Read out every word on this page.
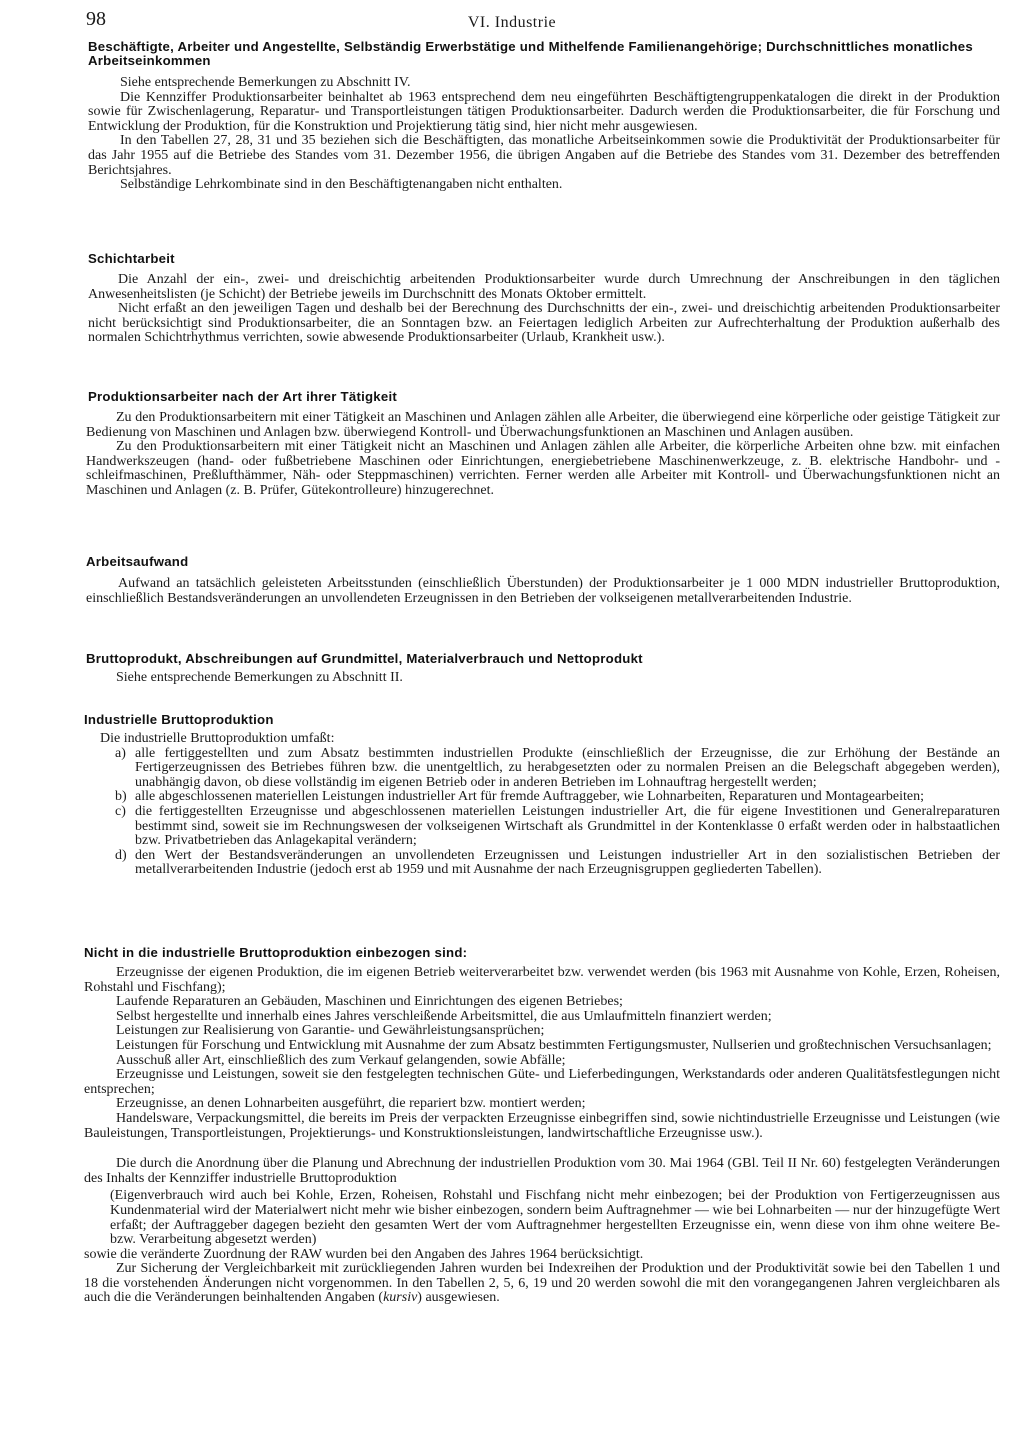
98	VI. Industrie
Beschäftigte, Arbeiter und Angestellte, Selbständig Erwerbstätige und Mithelfende Familienangehörige; Durchschnittliches monatliches Arbeitseinkommen

Siehe entsprechende Bemerkungen zu Abschnitt IV.

Die Kennziffer Produktionsarbeiter beinhaltet ab 1963 entsprechend dem neu eingeführten Beschäftigtengruppenkatalogen die direkt in der Produktion sowie für Zwischenlagerung, Reparatur- und Transportleistungen tätigen Produktionsarbeiter. Dadurch werden die Produktionsarbeiter, die für Forschung und Entwicklung der Produktion, für die Konstruktion und Projektierung tätig sind, hier nicht mehr ausgewiesen.

In den Tabellen 27, 28, 31 und 35 beziehen sich die Beschäftigten, das monatliche Arbeitseinkommen sowie die Produktivität der Produktionsarbeiter für das Jahr 1955 auf die Betriebe des Standes vom 31. Dezember 1956, die übrigen Angaben auf die Betriebe des Standes vom 31. Dezember des betreffenden Berichtsjahres.

Selbständige Lehrkombinate sind in den Beschäftigtenangaben nicht enthalten.

Schichtarbeit

Die Anzahl der ein-, zwei- und dreischichtig arbeitenden Produktionsarbeiter wurde durch Umrechnung der Anschreibungen in den täglichen Anwesenheitslisten (je Schicht) der Betriebe jeweils im Durchschnitt des Monats Oktober ermittelt.

Nicht erfaßt an den jeweiligen Tagen und deshalb bei der Berechnung des Durchschnitts der ein-, zwei- und dreischichtig arbeitenden Produktionsarbeiter nicht berücksichtigt sind Produktionsarbeiter, die an Sonntagen bzw. an Feiertagen lediglich Arbeiten zur Aufrechterhaltung der Produktion außerhalb des normalen Schichtrhythmus verrichten, sowie abwesende Produktionsarbeiter (Urlaub, Krankheit usw.).

Produktionsarbeiter nach der Art ihrer Tätigkeit

Zu den Produktionsarbeitern mit einer Tätigkeit an Maschinen und Anlagen zählen alle Arbeiter, die überwiegend eine körperliche oder geistige Tätigkeit zur Bedienung von Maschinen und Anlagen bzw. überwiegend Kontroll- und Überwachungsfunktionen an Maschinen und Anlagen ausüben.

Zu den Produktionsarbeitern mit einer Tätigkeit nicht an Maschinen und Anlagen zählen alle Arbeiter, die körperliche Arbeiten ohne bzw. mit einfachen Handwerkszeugen (hand- oder fußbetriebene Maschinen oder Einrichtungen, energiebetriebene Maschinenwerkzeuge, z. B. elektrische Handbohr- und -schleifmaschinen, Preßlufthämmer, Näh- oder Steppmaschinen) verrichten. Ferner werden alle Arbeiter mit Kontroll- und Überwachungsfunktionen nicht an Maschinen und Anlagen (z. B. Prüfer, Gütekontrolleure) hinzugerechnet.

Arbeitsaufwand

Aufwand an tatsächlich geleisteten Arbeitsstunden (einschließlich Überstunden) der Produktionsarbeiter je 1 000 MDN industrieller Bruttoproduktion, einschließlich Bestandsveränderungen an unvollendeten Erzeugnissen in den Betrieben der volkseigenen metallverarbeitenden Industrie.

Bruttoprodukt, Abschreibungen auf Grundmittel, Materialverbrauch und Nettoprodukt

Siehe entsprechende Bemerkungen zu Abschnitt II.

Industrielle Bruttoproduktion

Die industrielle Bruttoproduktion umfaßt:

a) alle fertiggestellten und zum Absatz bestimmten industriellen Produkte (einschließlich der Erzeugnisse, die zur Erhöhung der Bestände an Fertigerzeugnissen des Betriebes führen bzw. die unentgeltlich, zu herabgesetzten oder zu normalen Preisen an die Belegschaft abgegeben werden), unabhängig davon, ob diese vollständig im eigenen Betrieb oder in anderen Betrieben im Lohnauftrag hergestellt werden;
b) alle abgeschlossenen materiellen Leistungen industrieller Art für fremde Auftraggeber, wie Lohnarbeiten, Reparaturen und Montagearbeiten;
c) die fertiggestellten Erzeugnisse und abgeschlossenen materiellen Leistungen industrieller Art, die für eigene Investitionen und Generalreparaturen bestimmt sind, soweit sie im Rechnungswesen der volkseigenen Wirtschaft als Grundmittel in der Kontenklasse 0 erfaßt werden oder in halbstaatlichen bzw. Privatbetrieben das Anlagekapital verändern;
d) den Wert der Bestandsveränderungen an unvollendeten Erzeugnissen und Leistungen industrieller Art in den sozialistischen Betrieben der metallverarbeitenden Industrie (jedoch erst ab 1959 und mit Ausnahme der nach Erzeugnisgruppen gegliederten Tabellen).
Nicht in die industrielle Bruttoproduktion einbezogen sind:

Erzeugnisse der eigenen Produktion, die im eigenen Betrieb weiterverarbeitet bzw. verwendet werden (bis 1963 mit Ausnahme von Kohle, Erzen, Roheisen, Rohstahl und Fischfang);

Laufende Reparaturen an Gebäuden, Maschinen und Einrichtungen des eigenen Betriebes;

Selbst hergestellte und innerhalb eines Jahres verschleißende Arbeitsmittel, die aus Umlaufmitteln finanziert werden;

Leistungen zur Realisierung von Garantie- und Gewährleistungsansprüchen;

Leistungen für Forschung und Entwicklung mit Ausnahme der zum Absatz bestimmten Fertigungsmuster, Nullserien und großtechnischen Versuchsanlagen;

Ausschuß aller Art, einschließlich des zum Verkauf gelangenden, sowie Abfälle;

Erzeugnisse und Leistungen, soweit sie den festgelegten technischen Güte- und Lieferbedingungen, Werkstandards oder anderen Qualitätsfestlegungen nicht entsprechen;

Erzeugnisse, an denen Lohnarbeiten ausgeführt, die repariert bzw. montiert werden;

Handelsware, Verpackungsmittel, die bereits im Preis der verpackten Erzeugnisse einbegriffen sind, sowie nichtindustrielle Erzeugnisse und Leistungen (wie Bauleistungen, Transportleistungen, Projektierungs- und Konstruktionsleistungen, landwirtschaftliche Erzeugnisse usw.).

Die durch die Anordnung über die Planung und Abrechnung der industriellen Produktion vom 30. Mai 1964 (GBl. Teil II Nr. 60) festgelegten Veränderungen des Inhalts der Kennziffer industrielle Bruttoproduktion

(Eigenverbrauch wird auch bei Kohle, Erzen, Roheisen, Rohstahl und Fischfang nicht mehr einbezogen; bei der Produktion von Fertigerzeugnissen aus Kundenmaterial wird der Materialwert nicht mehr wie bisher einbezogen, sondern beim Auftragnehmer — wie bei Lohnarbeiten — nur der hinzugefügte Wert erfaßt; der Auftraggeber dagegen bezieht den gesamten Wert der vom Auftragnehmer hergestellten Erzeugnisse ein, wenn diese von ihm ohne weitere Be- bzw. Verarbeitung abgesetzt werden)

sowie die veränderte Zuordnung der RAW wurden bei den Angaben des Jahres 1964 berücksichtigt.

Zur Sicherung der Vergleichbarkeit mit zurückliegenden Jahren wurden bei Indexreihen der Produktion und der Produktivität sowie bei den Tabellen 1 und 18 die vorstehenden Änderungen nicht vorgenommen. In den Tabellen 2, 5, 6, 19 und 20 werden sowohl die mit den vorangegangenen Jahren vergleichbaren als auch die die Veränderungen beinhaltenden Angaben (kursiv) ausgewiesen.
